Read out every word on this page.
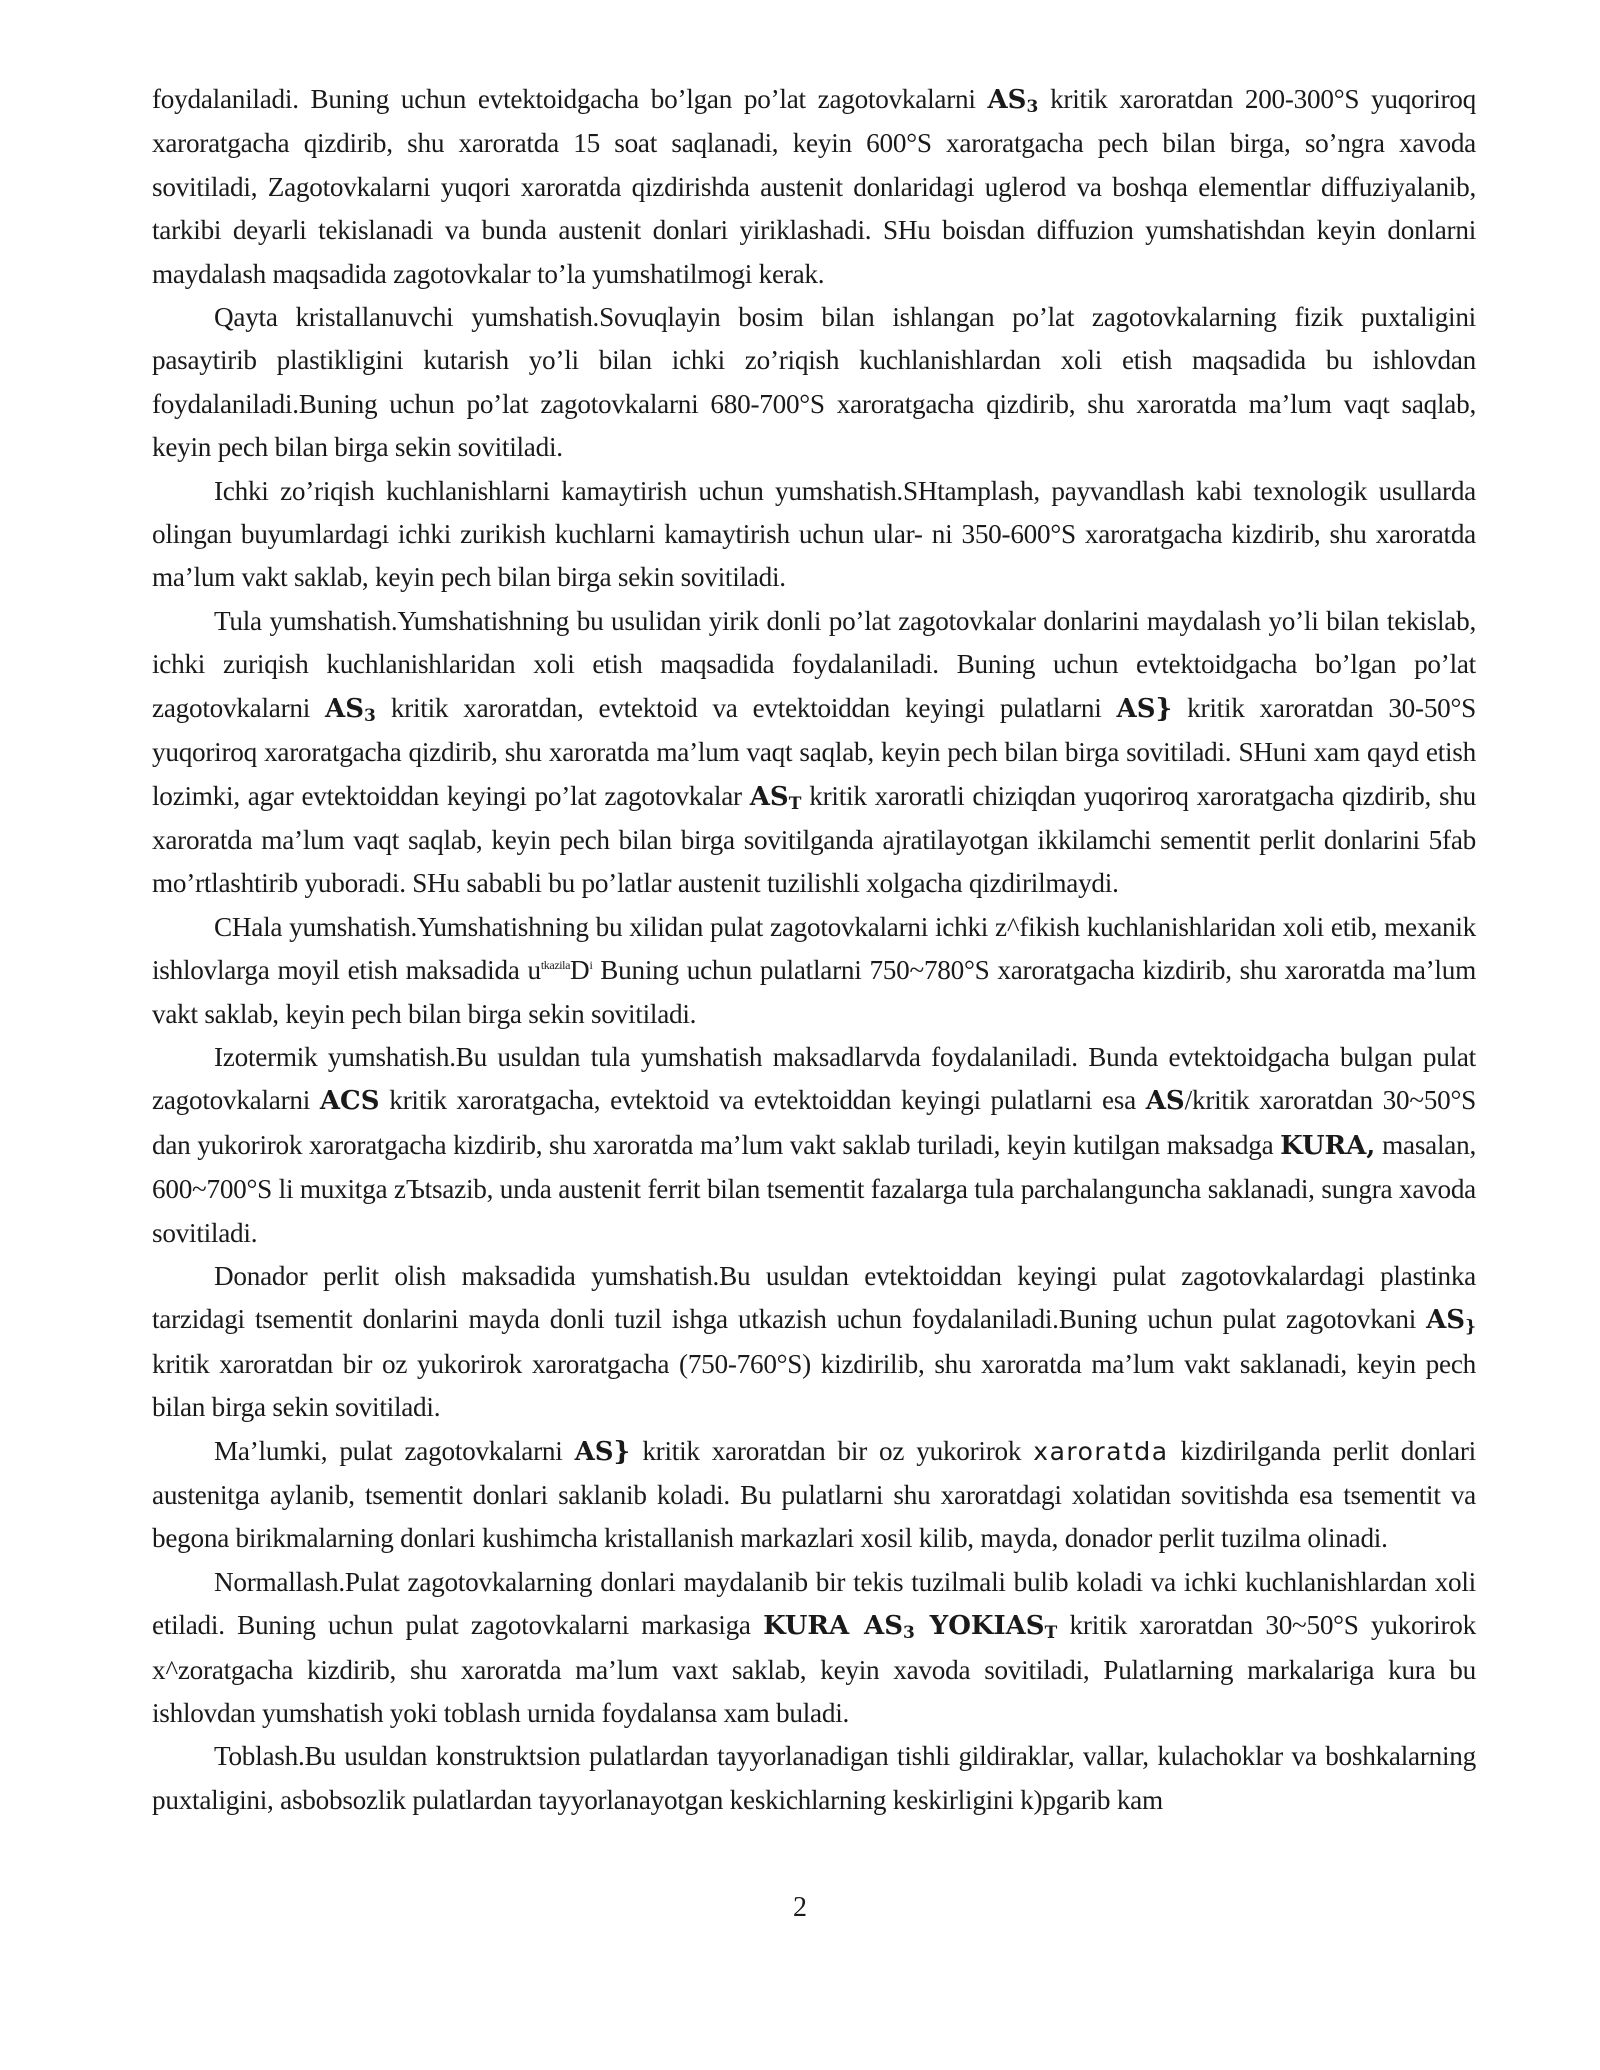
foydalaniladi. Buning uchun evtektoidgacha bo’lgan po’lat zagotovkalarni $AS_3$ kritik xaroratdan 200-300°S yuqoriroq xaroratgacha qizdirib, shu xaroratda 15 soat saqlanadi, keyin 600°S xaroratgacha pech bilan birga, so’ngra xavoda sovitiladi, Zagotovkalarni yuqori xaroratda qizdirishda austenit donlaridagi uglerod va boshqa elementlar diffuziyalanib, tarkibi deyarli tekislanadi va bunda austenit donlari yiriklashadi. SHu boisdan diffuzion yumshatishdan keyin donlarni maydalash maqsadida zagotovkalar to’la yumshatilmogi kerak.

Qayta kristallanuvchi yumshatish.Sovuqlayin bosim bilan ishlangan po’lat zagotovkalarning fizik puxtaligini pasaytirib plastikligini kutarish yo’li bilan ichki zo’riqish kuchlanishlardan xoli etish maqsadida bu ishlovdan foydalaniladi.Buning uchun po’lat zagotovkalarni 680-700°S xaroratgacha qizdirib, shu xaroratda ma’lum vaqt saqlab, keyin pech bilan birga sekin sovitiladi.

Ichki zo’riqish kuchlanishlarni kamaytirish uchun yumshatish.SHtamplash, payvandlash kabi texnologik usullarda olingan buyumlardagi ichki zurikish kuchlarni kamaytirish uchun ular- ni 350-600°S xaroratgacha kizdirib, shu xaroratda ma’lum vakt saklab, keyin pech bilan birga sekin sovitiladi.

Tula yumshatish.Yumshatishning bu usulidan yirik donli po’lat zagotovkalar donlarini maydalash yo’li bilan tekislab, ichki zuriqish kuchlanishlaridan xoli etish maqsadida foydalaniladi. Buning uchun evtektoidgacha bo’lgan po’lat zagotovkalarni $AS_3$ kritik xaroratdan, evtektoid va evtektoiddan keyingi pulatlarni AS} kritik xaroratdan 30-50°S yuqoriroq xaroratgacha qizdirib, shu xaroratda ma’lum vaqt saqlab, keyin pech bilan birga sovitiladi. SHuni xam qayd etish lozimki, agar evtektoiddan keyingi po’lat zagotovkalar $AS_T$ kritik xaroratli chiziqdan yuqoriroq xaroratgacha qizdirib, shu xaroratda ma’lum vaqt saqlab, keyin pech bilan birga sovitilganda ajratilayotgan ikkilamchi sementit perlit donlarini 5fab mo’rtlashtirib yuboradi. SHu sababli bu po’latlar austenit tuzilishli xolgacha qizdirilmaydi.

CHala yumshatish.Yumshatishning bu xilidan pulat zagotovkalarni ichki z^fikish kuchlanishlaridan xoli etib, mexanik ishlovlarga moyil etish maksadida $u^{tkazila}D^i$ Buning uchun pulatlarni 750~780°S xaroratgacha kizdirib, shu xaroratda ma’lum vakt saklab, keyin pech bilan birga sekin sovitiladi.

Izotermik yumshatish.Bu usuldan tula yumshatish maksadlarvda foydalaniladi. Bunda evtektoidgacha bulgan pulat zagotovkalarni ACS kritik xaroratgacha, evtektoid va evtektoiddan keyingi pulatlarni esa AS/kritik xaroratdan 30~50°S dan yukorirok xaroratgacha kizdirib, shu xaroratda ma’lum vakt saklab turiladi, keyin kutilgan maksadga KURA, masalan, 600~700°S li muxitga zЪtsazib, unda austenit ferrit bilan tsementit fazalarga tula parchalanguncha saklanadi, sungra xavoda sovitiladi.

Donador perlit olish maksadida yumshatish.Bu usuldan evtektoiddan keyingi pulat zagotovkalardagi plastinka tarzidagi tsementit donlarini mayda donli tuzil ishga utkazish uchun foydalaniladi.Buning uchun pulat zagotovkani $AS_{\}}$ kritik xaroratdan bir oz yukorirok xaroratgacha (750-760°S) kizdirilib, shu xaroratda ma’lum vakt saklanadi, keyin pech bilan birga sekin sovitiladi.

Ma’lumki, pulat zagotovkalarni AS} kritik xaroratdan bir oz yukorirok xaroratda kizdirilganda perlit donlari austenitga aylanib, tsementit donlari saklanib koladi. Bu pulatlarni shu xaroratdagi xolatidan sovitishda esa tsementit va begona birikmalarning donlari kushimcha kristallanish markazlari xosil kilib, mayda, donador perlit tuzilma olinadi.

Normallash.Pulat zagotovkalarning donlari maydalanib bir tekis tuzilmali bulib koladi va ichki kuchlanishlardan xoli etiladi. Buning uchun pulat zagotovkalarni markasiga KURA $AS_3$ $YOKIAS_T$ kritik xaroratdan 30~50°S yukorirok x^zoratgacha kizdirib, shu xaroratda ma’lum vaxt saklab, keyin xavoda sovitiladi, Pulatlarning markalariga kura bu ishlovdan yumshatish yoki toblash urnida foydalansa xam buladi.

Toblash.Bu usuldan konstruktsion pulatlardan tayyorlanadigan tishli gildiraklar, vallar, kulachoklar va boshkalarning puxtaligini, asbobsozlik pulatlardan tayyorlanayotgan keskichlarning keskirligini k)pgarib kam

2
